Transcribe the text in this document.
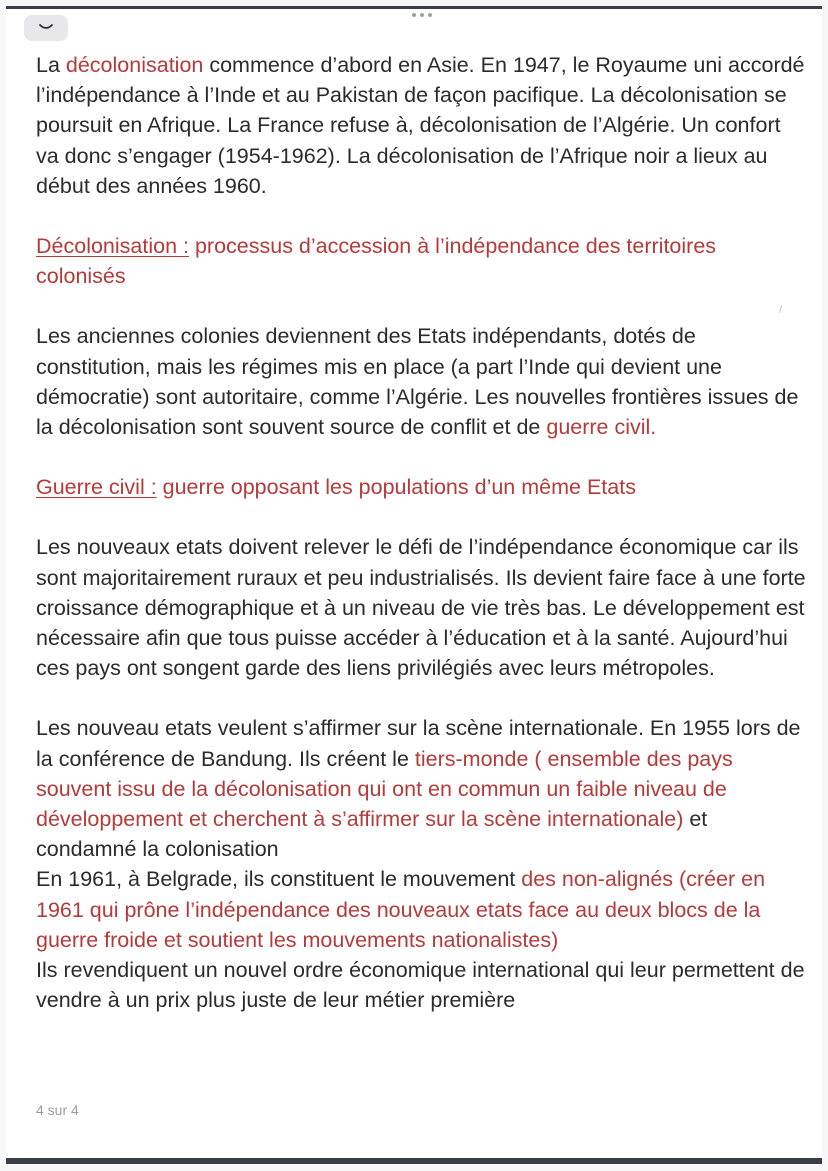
La décolonisation commence d’abord en Asie. En 1947, le Royaume uni accordé l’indépendance à l’Inde et au Pakistan de façon pacifique. La décolonisation se poursuit en Afrique. La France refuse à, décolonisation de l’Algérie. Un confort va donc s’engager (1954-1962). La décolonisation de l’Afrique noir a lieux au début des années 1960.

Décolonisation : processus d’accession à l’indépendance des territoires colonisés

Les anciennes colonies deviennent des Etats indépendants, dotés de constitution, mais les régimes mis en place (a part l’Inde qui devient une démocratie) sont autoritaire, comme l’Algérie. Les nouvelles frontières issues de la décolonisation sont souvent source de conflit et de guerre civil.

Guerre civil : guerre opposant les populations d’un même Etats

Les nouveaux etats doivent relever le défi de l’indépendance économique car ils sont majoritairement ruraux et peu industrialisés. Ils devient faire face à une forte croissance démographique et à un niveau de vie très bas. Le développement est nécessaire afin que tous puisse accéder à l’éducation et à la santé. Aujourd’hui ces pays ont songent garde des liens privilégiés avec leurs métropoles.

Les nouveau etats veulent s’affirmer sur la scène internationale. En 1955 lors de la conférence de Bandung. Ils créent le tiers-monde ( ensemble des pays souvent issu de la décolonisation qui ont en commun un faible niveau de développement et cherchent à s’affirmer sur la scène internationale) et condamné la colonisation

En 1961, à Belgrade, ils constituent le mouvement des non-alignés (créer en 1961 qui prône l’indépendance des nouveaux etats face au deux blocs de la guerre froide et soutient les mouvements nationalistes)

Ils revendiquent un nouvel ordre économique international qui leur permettent de vendre à un prix plus juste de leur métier première

4 sur 4
